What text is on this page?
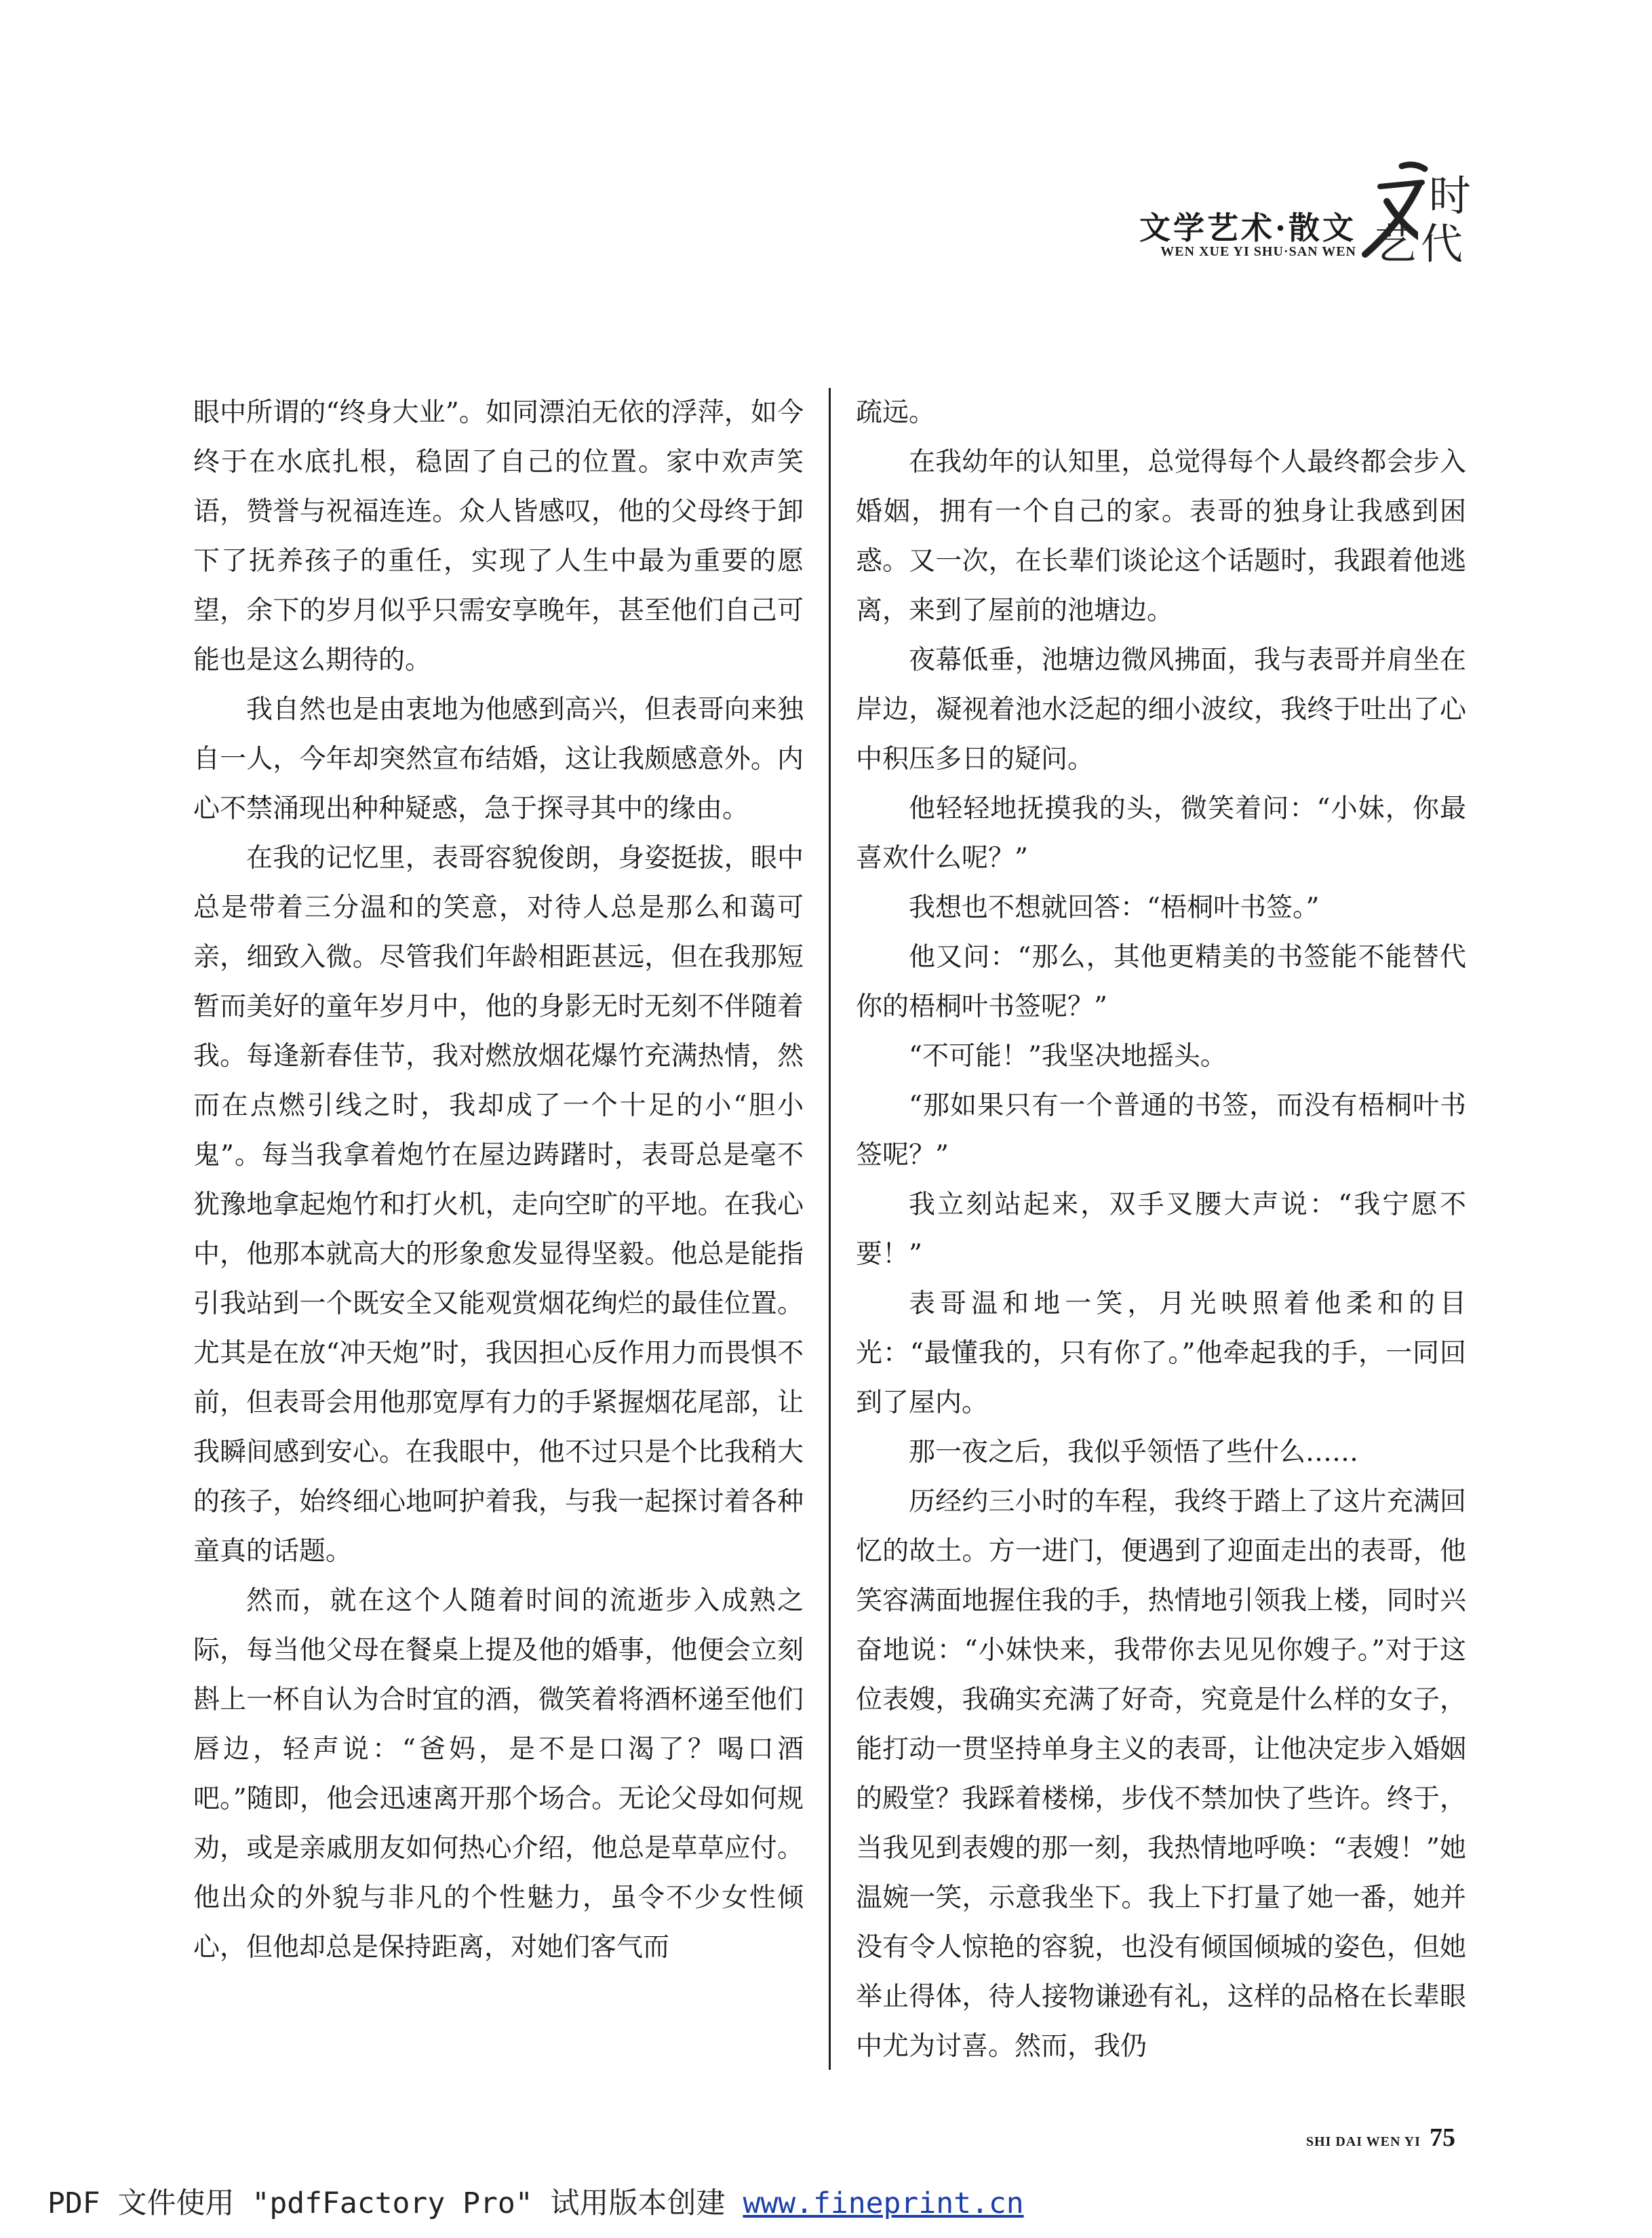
文学艺术·散文
WEN XUE YI SHU·SAN WEN
时
代
艺

眼中所谓的“终身大业”。如同漂泊无依的浮萍，如今终于在水底扎根，稳固了自己的位置。家中欢声笑语，赞誉与祝福连连。众人皆感叹，他的父母终于卸下了抚养孩子的重任，实现了人生中最为重要的愿望，余下的岁月似乎只需安享晚年，甚至他们自己可能也是这么期待的。

我自然也是由衷地为他感到高兴，但表哥向来独自一人，今年却突然宣布结婚，这让我颇感意外。内心不禁涌现出种种疑惑，急于探寻其中的缘由。

在我的记忆里，表哥容貌俊朗，身姿挺拔，眼中总是带着三分温和的笑意，对待人总是那么和蔼可亲，细致入微。尽管我们年龄相距甚远，但在我那短暂而美好的童年岁月中，他的身影无时无刻不伴随着我。每逢新春佳节，我对燃放烟花爆竹充满热情，然而在点燃引线之时，我却成了一个十足的小“胆小鬼”。每当我拿着炮竹在屋边踌躇时，表哥总是毫不犹豫地拿起炮竹和打火机，走向空旷的平地。在我心中，他那本就高大的形象愈发显得坚毅。他总是能指引我站到一个既安全又能观赏烟花绚烂的最佳位置。尤其是在放“冲天炮”时，我因担心反作用力而畏惧不前，但表哥会用他那宽厚有力的手紧握烟花尾部，让我瞬间感到安心。在我眼中，他不过只是个比我稍大的孩子，始终细心地呵护着我，与我一起探讨着各种童真的话题。

然而，就在这个人随着时间的流逝步入成熟之际，每当他父母在餐桌上提及他的婚事，他便会立刻斟上一杯自认为合时宜的酒，微笑着将酒杯递至他们唇边，轻声说：“爸妈，是不是口渴了？喝口酒吧。”随即，他会迅速离开那个场合。无论父母如何规劝，或是亲戚朋友如何热心介绍，他总是草草应付。他出众的外貌与非凡的个性魅力，虽令不少女性倾心，但他却总是保持距离，对她们客气而

疏远。

在我幼年的认知里，总觉得每个人最终都会步入婚姻，拥有一个自己的家。表哥的独身让我感到困惑。又一次，在长辈们谈论这个话题时，我跟着他逃离，来到了屋前的池塘边。

夜幕低垂，池塘边微风拂面，我与表哥并肩坐在岸边，凝视着池水泛起的细小波纹，我终于吐出了心中积压多日的疑问。

他轻轻地抚摸我的头，微笑着问：“小妹，你最喜欢什么呢？”

我想也不想就回答：“梧桐叶书签。”

他又问：“那么，其他更精美的书签能不能替代你的梧桐叶书签呢？”

“不可能！”我坚决地摇头。

“那如果只有一个普通的书签，而没有梧桐叶书签呢？”

我立刻站起来，双手叉腰大声说：“我宁愿不要！”

表哥温和地一笑，月光映照着他柔和的目光：“最懂我的，只有你了。”他牵起我的手，一同回到了屋内。

那一夜之后，我似乎领悟了些什么……

历经约三小时的车程，我终于踏上了这片充满回忆的故土。方一进门，便遇到了迎面走出的表哥，他笑容满面地握住我的手，热情地引领我上楼，同时兴奋地说：“小妹快来，我带你去见见你嫂子。”对于这位表嫂，我确实充满了好奇，究竟是什么样的女子，能打动一贯坚持单身主义的表哥，让他决定步入婚姻的殿堂？我踩着楼梯，步伐不禁加快了些许。终于，当我见到表嫂的那一刻，我热情地呼唤：“表嫂！”她温婉一笑，示意我坐下。我上下打量了她一番，她并没有令人惊艳的容貌，也没有倾国倾城的姿色，但她举止得体，待人接物谦逊有礼，这样的品格在长辈眼中尤为讨喜。然而，我仍

SHI DAI WEN YI 75
PDF 文件使用 "pdfFactory Pro" 试用版本创建 www.fineprint.cn
